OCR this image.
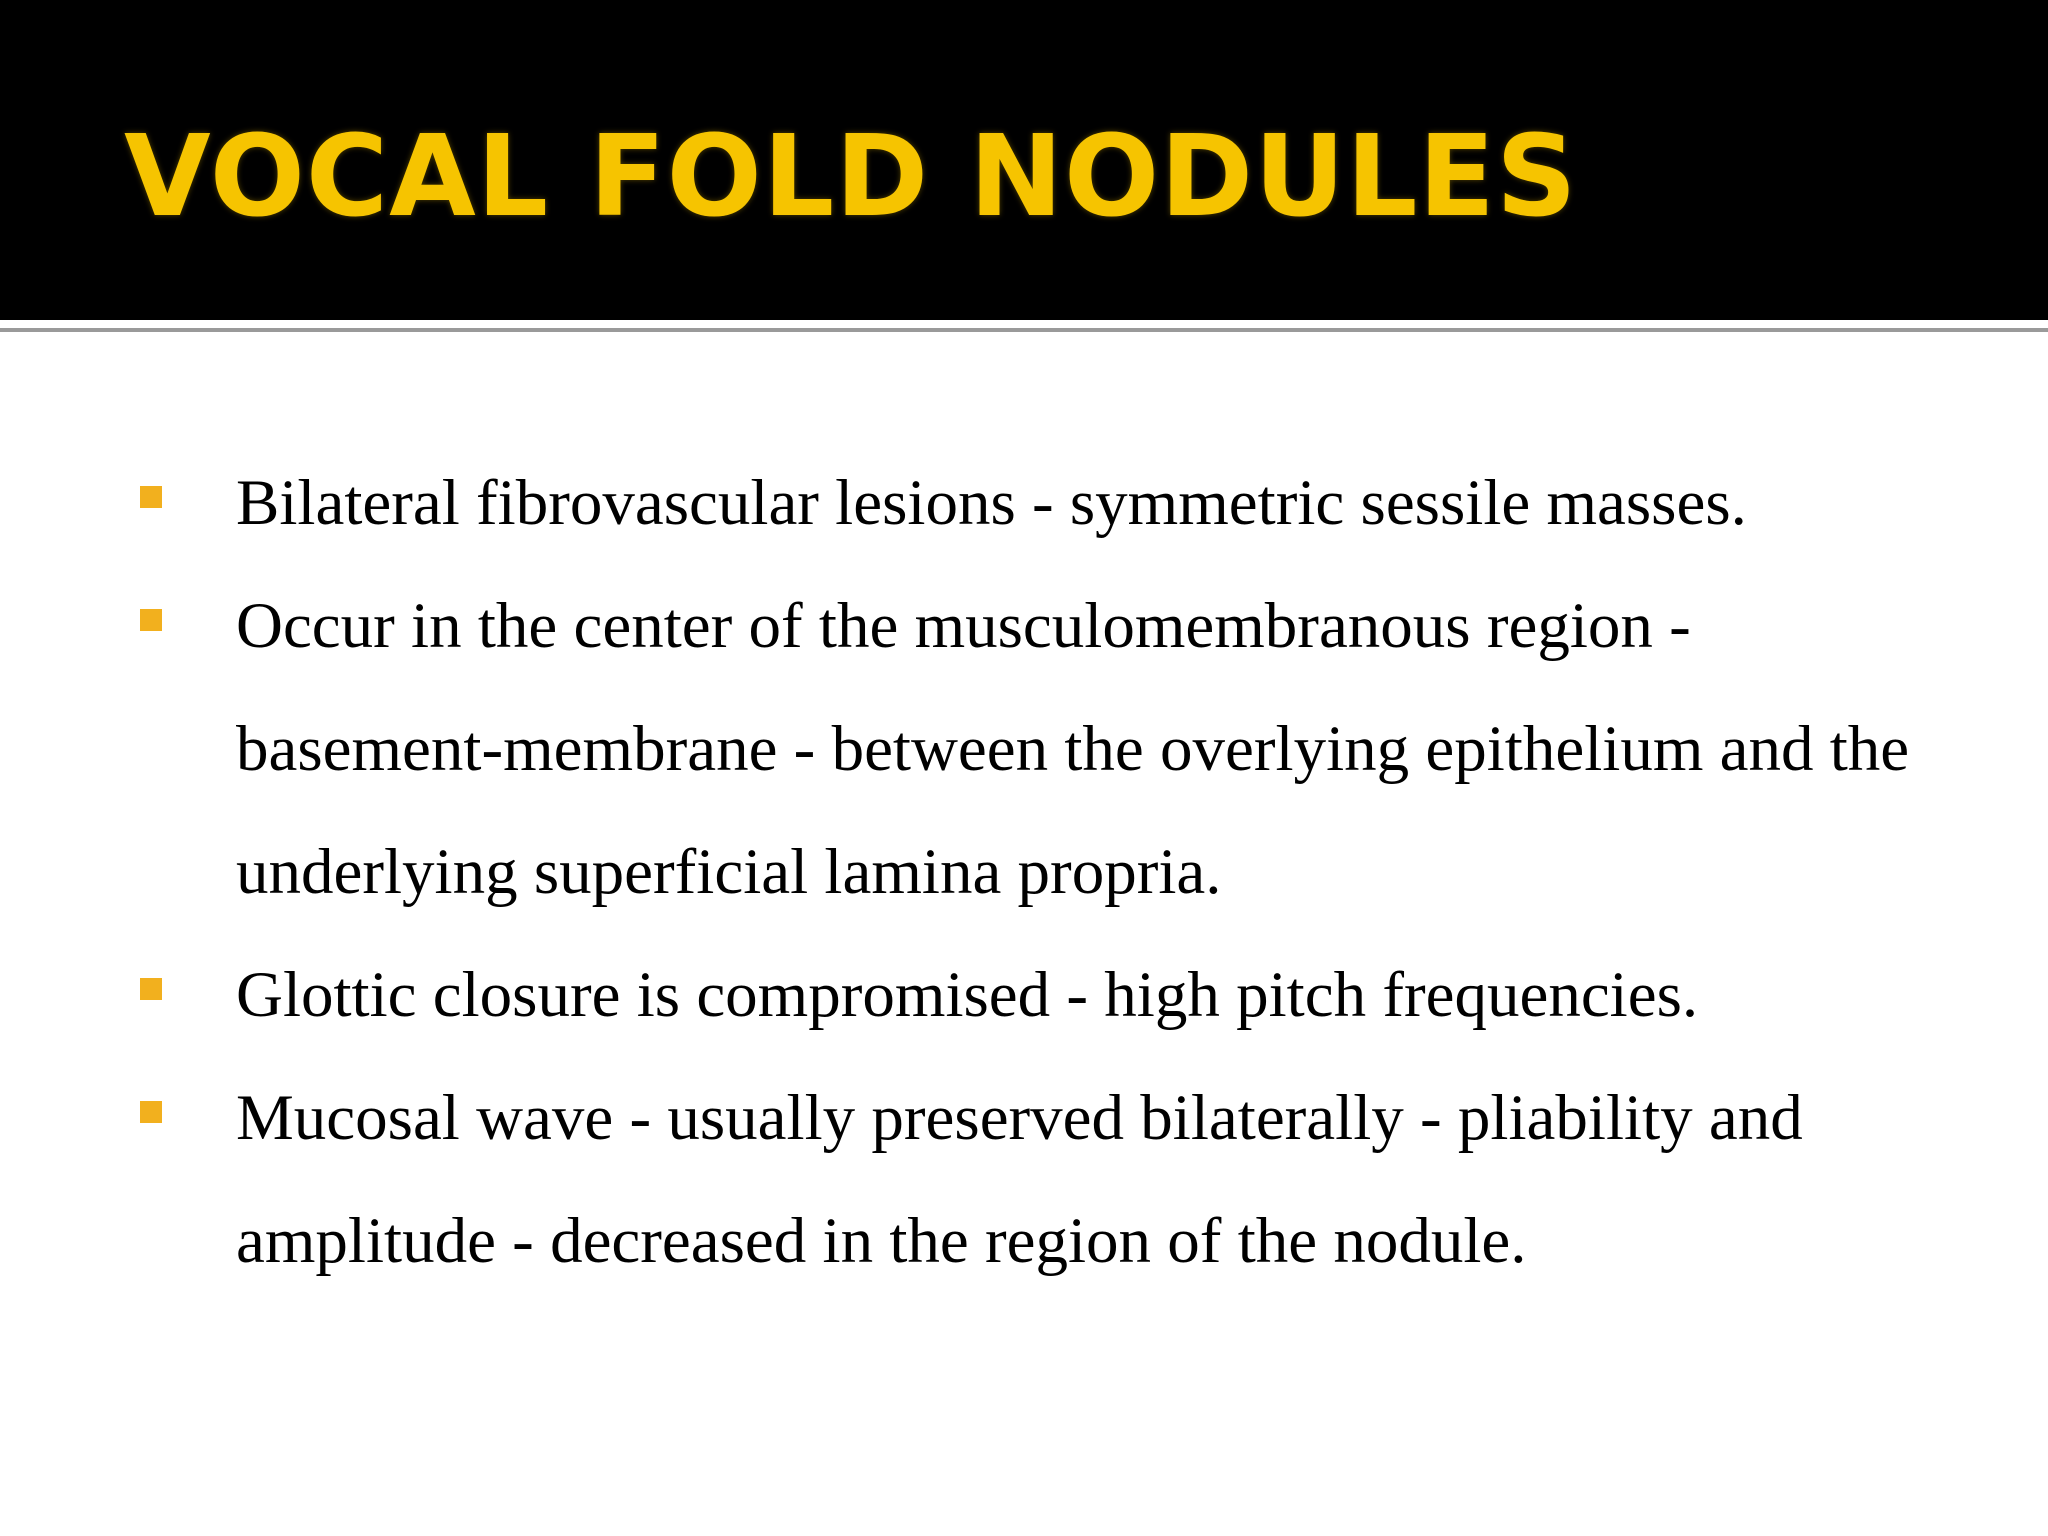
VOCAL FOLD NODULES
Bilateral fibrovascular lesions - symmetric sessile masses.
Occur in the center of the musculomembranous region - basement-membrane - between the overlying epithelium and the underlying superficial lamina propria.
Glottic closure is compromised - high pitch frequencies.
Mucosal wave - usually preserved bilaterally - pliability and amplitude - decreased in the region of the nodule.
